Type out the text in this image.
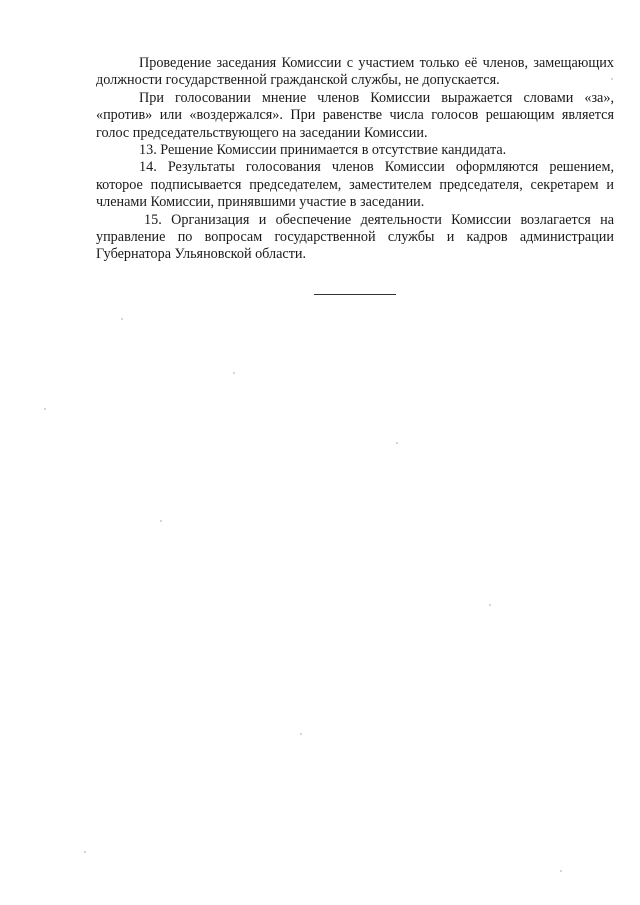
Проведение заседания Комиссии с участием только её членов, замещающих должности государственной гражданской службы, не допускается.

При голосовании мнение членов Комиссии выражается словами «за», «против» или «воздержался». При равенстве числа голосов решающим является голос председательствующего на заседании Комиссии.

13. Решение Комиссии принимается в отсутствие кандидата.

14. Результаты голосования членов Комиссии оформляются решением, которое подписывается председателем, заместителем председателя, секретарем и членами Комиссии, принявшими участие в заседании.

15. Организация и обеспечение деятельности Комиссии возлагается на управление по вопросам государственной службы и кадров администрации Губернатора Ульяновской области.
